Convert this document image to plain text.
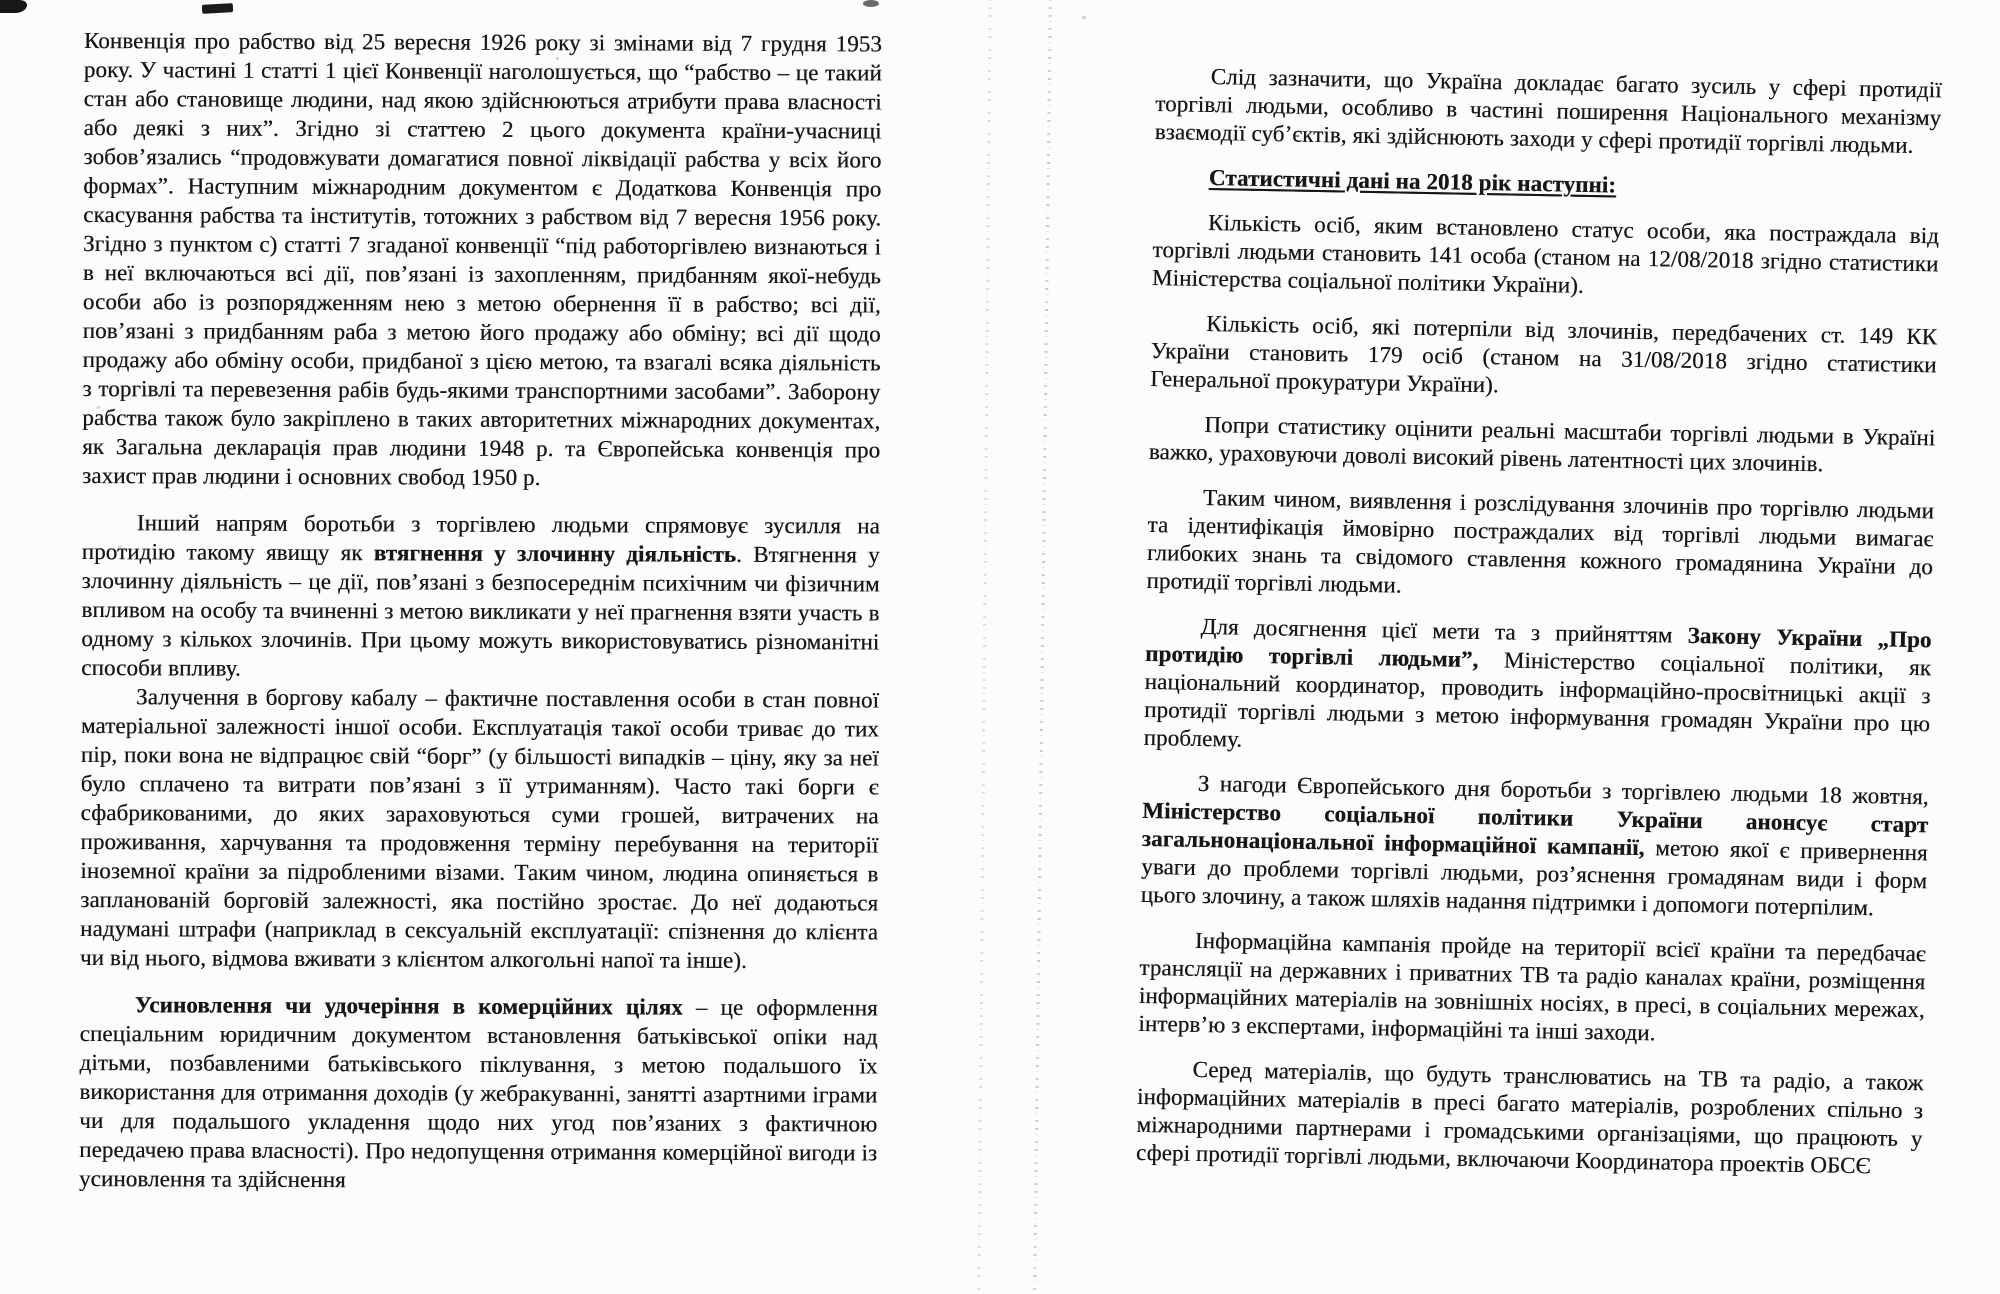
Конвенція про рабство від 25 вересня 1926 року зі змінами від 7 грудня 1953 року. У частині 1 статті 1 цієї Конвенції наголошується, що “рабство – це такий стан або становище людини, над якою здійснюються атрибути права власності або деякі з них”. Згідно зі статтею 2 цього документа країни-учасниці зобов’язались “продовжувати домагатися повної ліквідації рабства у всіх його формах”. Наступним міжнародним документом є Додаткова Конвенція про скасування рабства та інститутів, тотожних з рабством від 7 вересня 1956 року. Згідно з пунктом с) статті 7 згаданої конвенції “під работоргівлею визнаються і в неї включаються всі дії, пов’язані із захопленням, придбанням якої-небудь особи або із розпорядженням нею з метою обернення її в рабство; всі дії, пов’язані з придбанням раба з метою його продажу або обміну; всі дії щодо продажу або обміну особи, придбаної з цією метою, та взагалі всяка діяльність з торгівлі та перевезення рабів будь-якими транспортними засобами”. Заборону рабства також було закріплено в таких авторитетних міжнародних документах, як Загальна декларація прав людини 1948 р. та Європейська конвенція про захист прав людини і основних свобод 1950 р.

Інший напрям боротьби з торгівлею людьми спрямовує зусилля на протидію такому явищу як втягнення у злочинну діяльність. Втягнення у злочинну діяльність – це дії, пов’язані з безпосереднім психічним чи фізичним впливом на особу та вчиненні з метою викликати у неї прагнення взяти участь в одному з кількох злочинів. При цьому можуть використовуватись різноманітні способи впливу.

Залучення в боргову кабалу – фактичне поставлення особи в стан повної матеріальної залежності іншої особи. Експлуатація такої особи триває до тих пір, поки вона не відпрацює свій “борг” (у більшості випадків – ціну, яку за неї було сплачено та витрати пов’язані з її утриманням). Часто такі борги є сфабрикованими, до яких зараховуються суми грошей, витрачених на проживання, харчування та продовження терміну перебування на території іноземної країни за підробленими візами. Таким чином, людина опиняється в запланованій борговій залежності, яка постійно зростає. До неї додаються надумані штрафи (наприклад в сексуальній експлуатації: спізнення до клієнта чи від нього, відмова вживати з клієнтом алкогольні напої та інше).

Усиновлення чи удочеріння в комерційних цілях – це оформлення спеціальним юридичним документом встановлення батьківської опіки над дітьми, позбавленими батьківського піклування, з метою подальшого їх використання для отримання доходів (у жебракуванні, занятті азартними іграми чи для подальшого укладення щодо них угод пов’язаних з фактичною передачею права власності). Про недопущення отримання комерційної вигоди із усиновлення та здійснення

Слід зазначити, що Україна докладає багато зусиль у сфері протидії торгівлі людьми, особливо в частині поширення Національного механізму взаємодії суб’єктів, які здійснюють заходи у сфері протидії торгівлі людьми.

Статистичні дані на 2018 рік наступні:

Кількість осіб, яким встановлено статус особи, яка постраждала від торгівлі людьми становить 141 особа (станом на 12/08/2018 згідно статистики Міністерства соціальної політики України).

Кількість осіб, які потерпіли від злочинів, передбачених ст. 149 КК України становить 179 осіб (станом на 31/08/2018 згідно статистики Генеральної прокуратури України).

Попри статистику оцінити реальні масштаби торгівлі людьми в Україні важко, ураховуючи доволі високий рівень латентності цих злочинів.

Таким чином, виявлення і розслідування злочинів про торгівлю людьми та ідентифікація ймовірно постраждалих від торгівлі людьми вимагає глибоких знань та свідомого ставлення кожного громадянина України до протидії торгівлі людьми.

Для досягнення цієї мети та з прийняттям Закону України „Про протидію торгівлі людьми”, Міністерство соціальної політики, як національний координатор, проводить інформаційно-просвітницькі акції з протидії торгівлі людьми з метою інформування громадян України про цю проблему.

З нагоди Європейського дня боротьби з торгівлею людьми 18 жовтня, Міністерство соціальної політики України анонсує старт загальнонаціональної інформаційної кампанії, метою якої є привернення уваги до проблеми торгівлі людьми, роз’яснення громадянам види і форм цього злочину, а також шляхів надання підтримки і допомоги потерпілим.

Інформаційна кампанія пройде на території всієї країни та передбачає трансляції на державних і приватних ТВ та радіо каналах країни, розміщення інформаційних матеріалів на зовнішніх носіях, в пресі, в соціальних мережах, інтерв’ю з експертами, інформаційні та інші заходи.

Серед матеріалів, що будуть транслюватись на ТВ та радіо, а також інформаційних матеріалів в пресі багато матеріалів, розроблених спільно з міжнародними партнерами і громадськими організаціями, що працюють у сфері протидії торгівлі людьми, включаючи Координатора проектів ОБСЄ
